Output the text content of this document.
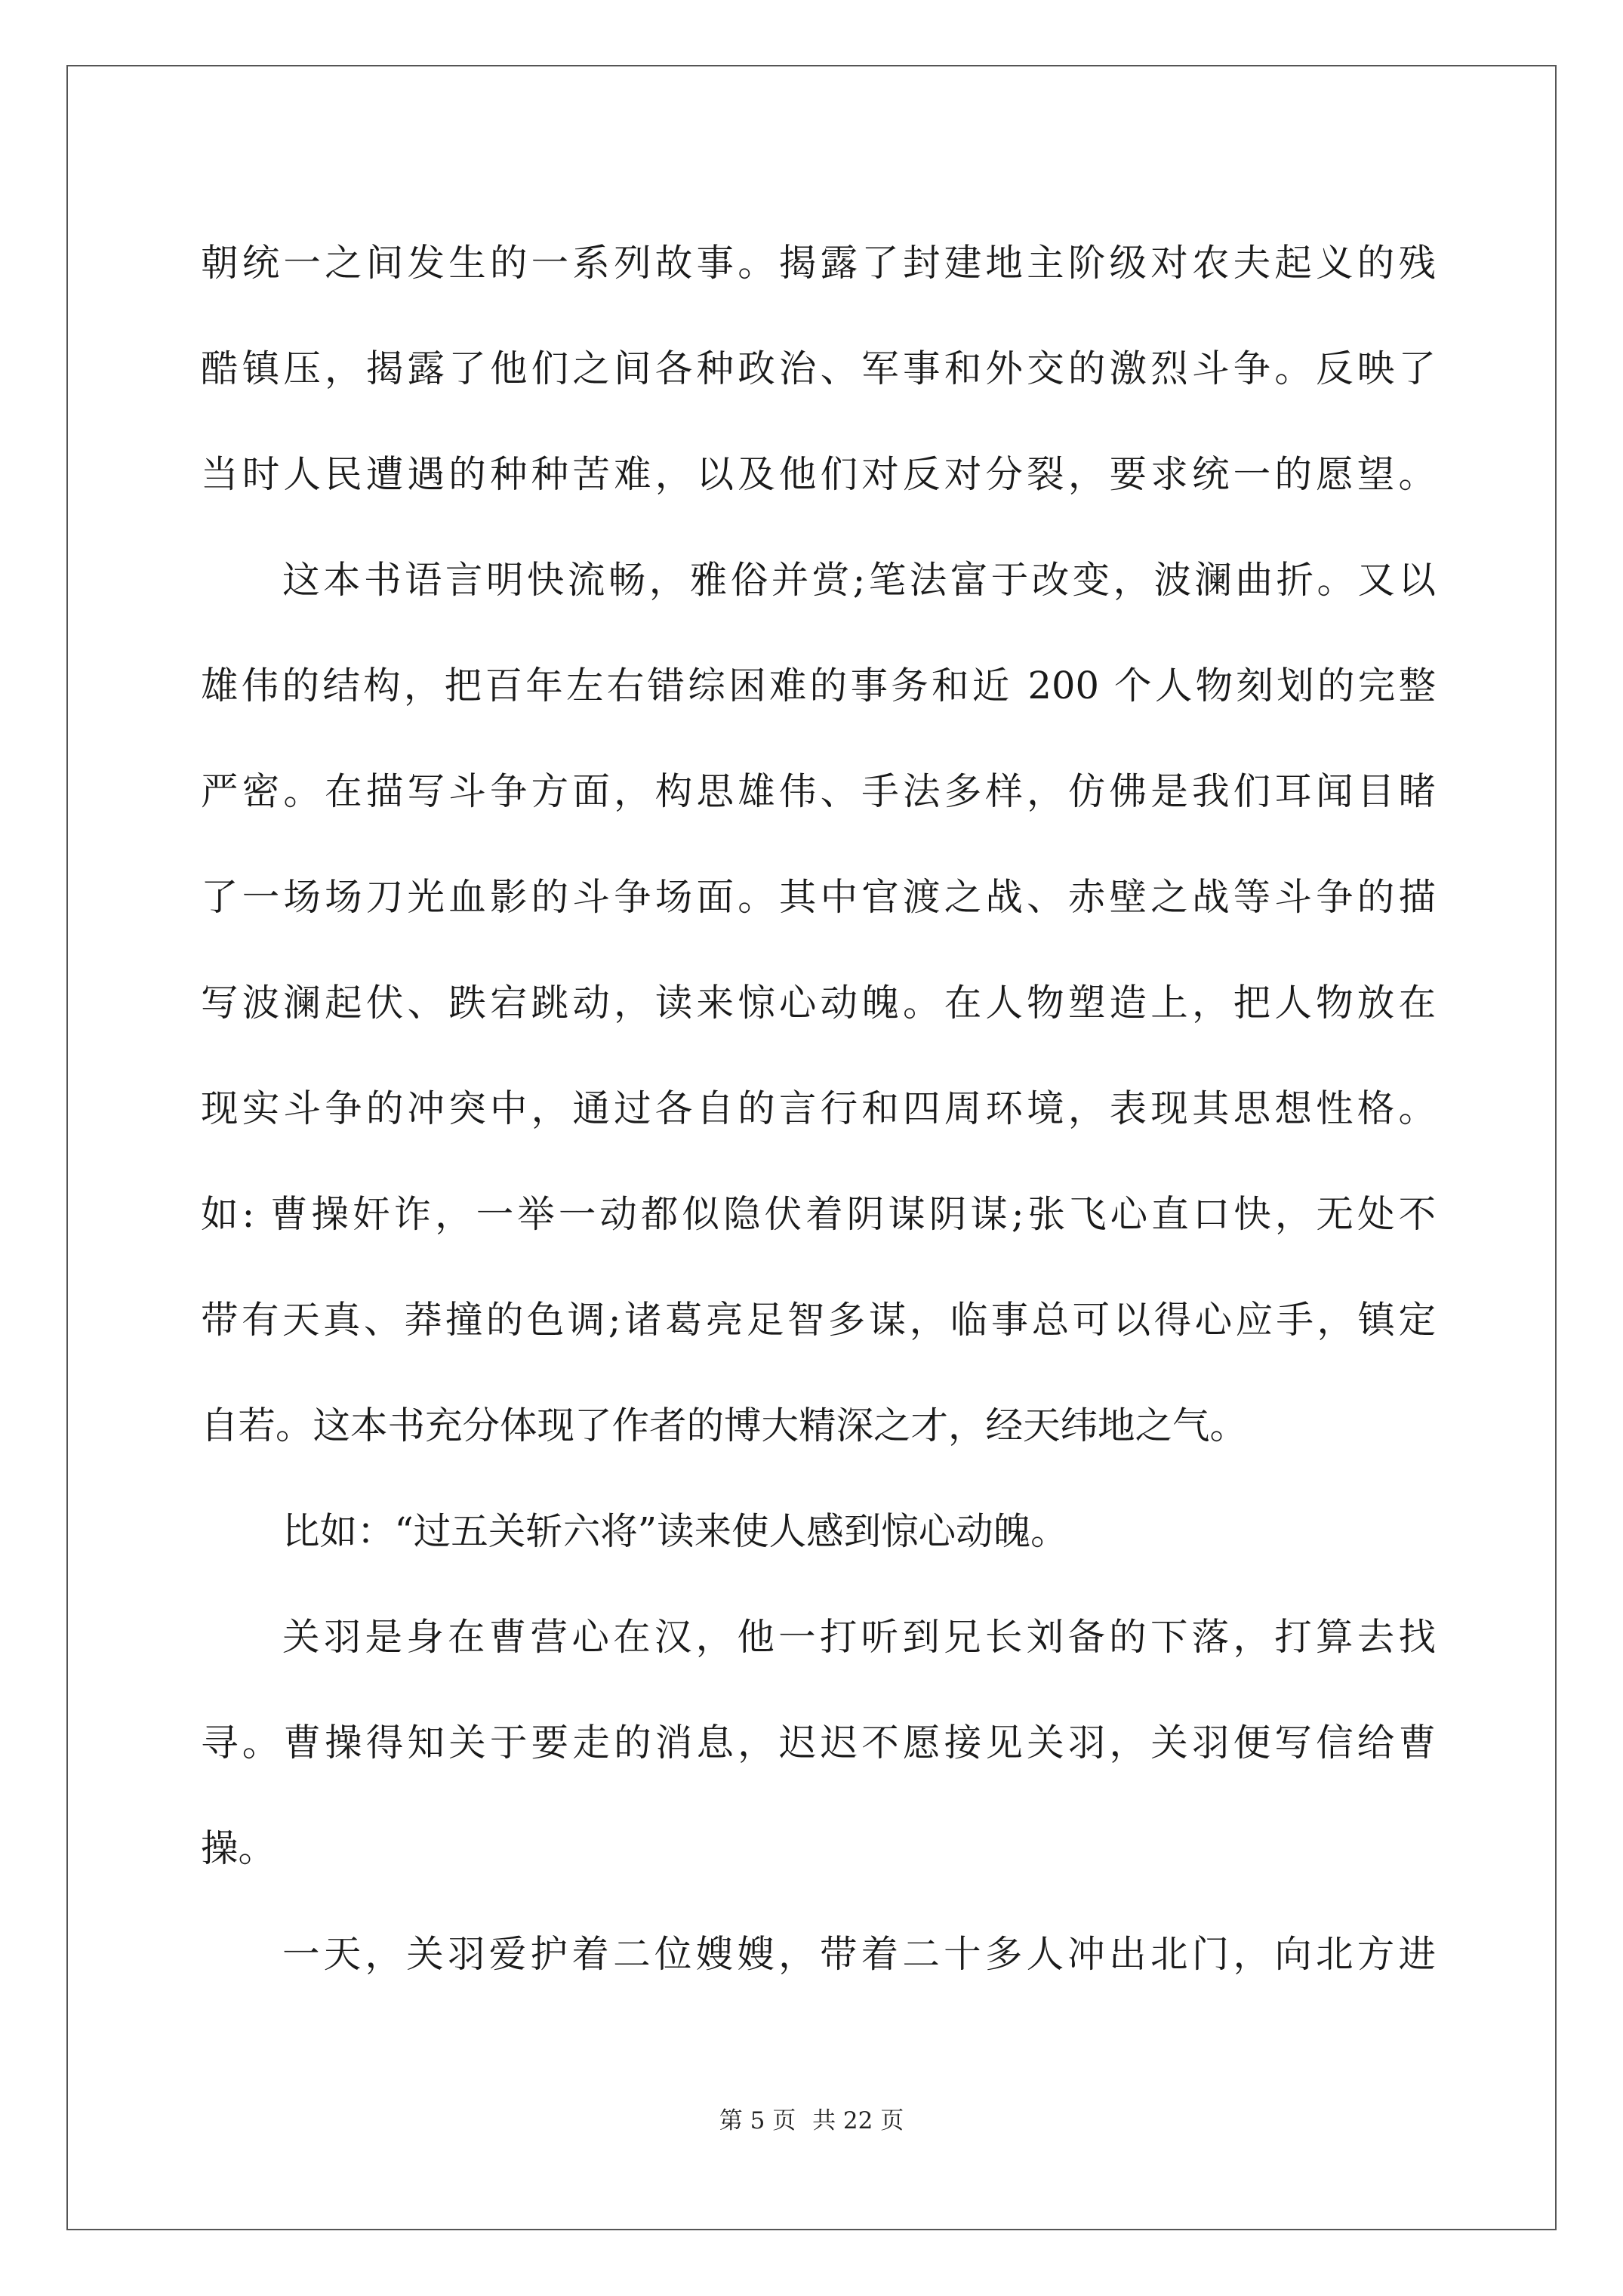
朝统一之间发生的一系列故事。揭露了封建地主阶级对农夫起义的残
酷镇压，揭露了他们之间各种政治、军事和外交的激烈斗争。反映了
当时人民遭遇的种种苦难，以及他们对反对分裂，要求统一的愿望。
这本书语言明快流畅，雅俗并赏;笔法富于改变，波澜曲折。又以
雄伟的结构，把百年左右错综困难的事务和近 200 个人物刻划的完整
严密。在描写斗争方面，构思雄伟、手法多样，仿佛是我们耳闻目睹
了一场场刀光血影的斗争场面。其中官渡之战、赤壁之战等斗争的描
写波澜起伏、跌宕跳动，读来惊心动魄。在人物塑造上，把人物放在
现实斗争的冲突中，通过各自的言行和四周环境，表现其思想性格。
如: 曹操奸诈，一举一动都似隐伏着阴谋阴谋;张飞心直口快，无处不
带有天真、莽撞的色调;诸葛亮足智多谋，临事总可以得心应手，镇定
自若。这本书充分体现了作者的博大精深之才，经天纬地之气。
比如：“过五关斩六将”读来使人感到惊心动魄。
关羽是身在曹营心在汉，他一打听到兄长刘备的下落，打算去找
寻。曹操得知关于要走的消息，迟迟不愿接见关羽，关羽便写信给曹
操。
一天，关羽爱护着二位嫂嫂，带着二十多人冲出北门，向北方进
第 5 页 共 22 页
